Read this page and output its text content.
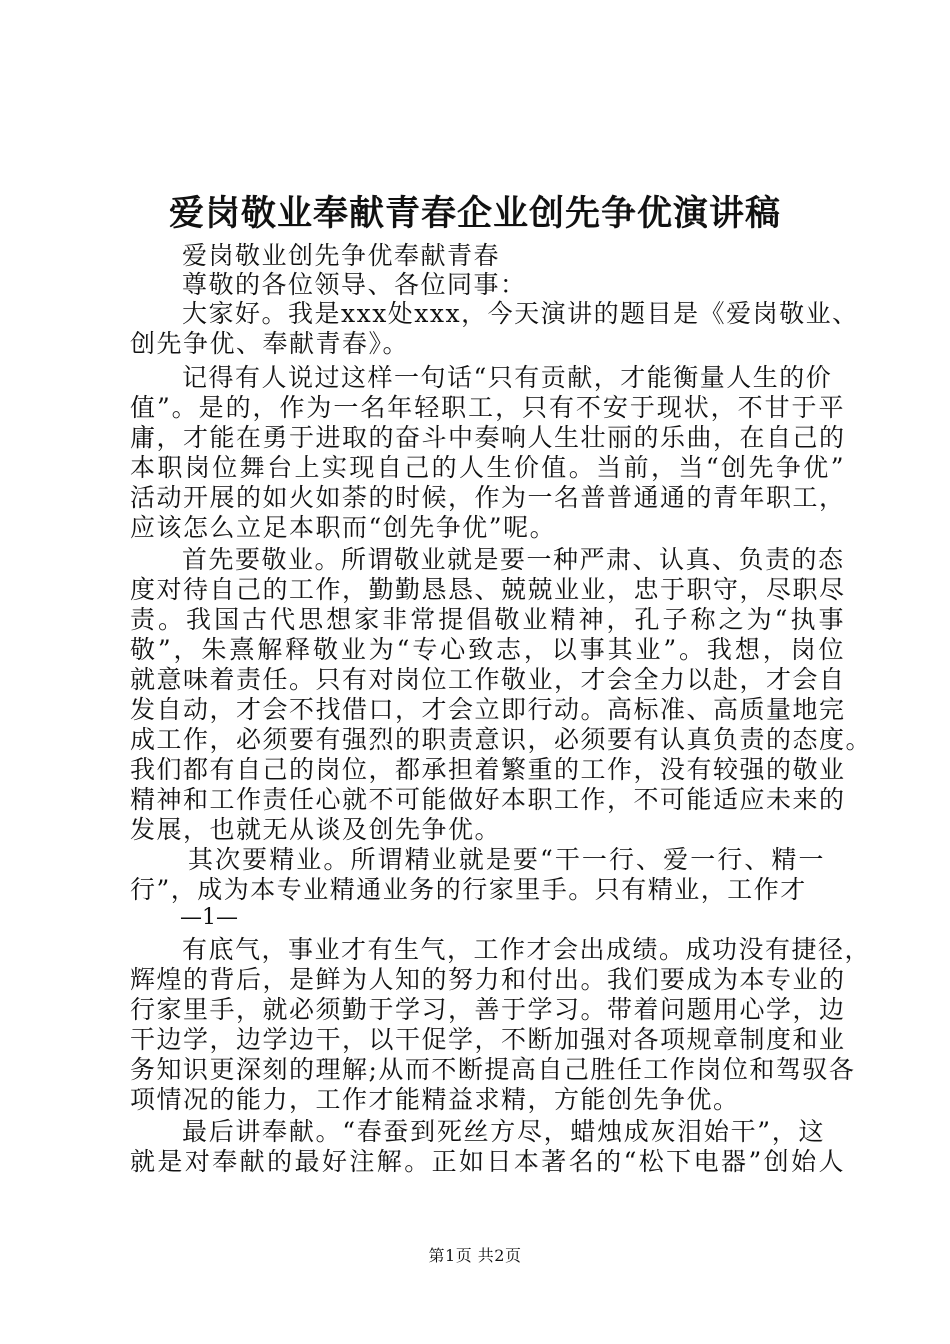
爱岗敬业奉献青春企业创先争优演讲稿

爱岗敬业创先争优奉献青春

尊敬的各位领导、各位同事：

大家好。我是xxx处xxx，今天演讲的题目是《爱岗敬业、

创先争优、奉献青春》。

记得有人说过这样一句话“只有贡献，才能衡量人生的价

值”。是的，作为一名年轻职工，只有不安于现状，不甘于平

庸，才能在勇于进取的奋斗中奏响人生壮丽的乐曲，在自己的

本职岗位舞台上实现自己的人生价值。当前，当“创先争优”

活动开展的如火如荼的时候，作为一名普普通通的青年职工，

应该怎么立足本职而“创先争优”呢。

首先要敬业。所谓敬业就是要一种严肃、认真、负责的态

度对待自己的工作，勤勤恳恳、兢兢业业，忠于职守，尽职尽

责。我国古代思想家非常提倡敬业精神，孔子称之为“执事

敬”，朱熹解释敬业为“专心致志，以事其业”。我想，岗位

就意味着责任。只有对岗位工作敬业，才会全力以赴，才会自

发自动，才会不找借口，才会立即行动。高标准、高质量地完

成工作，必须要有强烈的职责意识，必须要有认真负责的态度。

我们都有自己的岗位，都承担着繁重的工作，没有较强的敬业

精神和工作责任心就不可能做好本职工作，不可能适应未来的

发展，也就无从谈及创先争优。

其次要精业。所谓精业就是要“干一行、爱一行、精一

行”，成为本专业精通业务的行家里手。只有精业，工作才

—1—

有底气，事业才有生气，工作才会出成绩。成功没有捷径，

辉煌的背后，是鲜为人知的努力和付出。我们要成为本专业的

行家里手，就必须勤于学习，善于学习。带着问题用心学，边

干边学，边学边干，以干促学，不断加强对各项规章制度和业

务知识更深刻的理解;从而不断提高自己胜任工作岗位和驾驭各

项情况的能力，工作才能精益求精，方能创先争优。

最后讲奉献。“春蚕到死丝方尽，蜡烛成灰泪始干”，这

就是对奉献的最好注解。正如日本著名的“松下电器”创始人

第1页 共2页
